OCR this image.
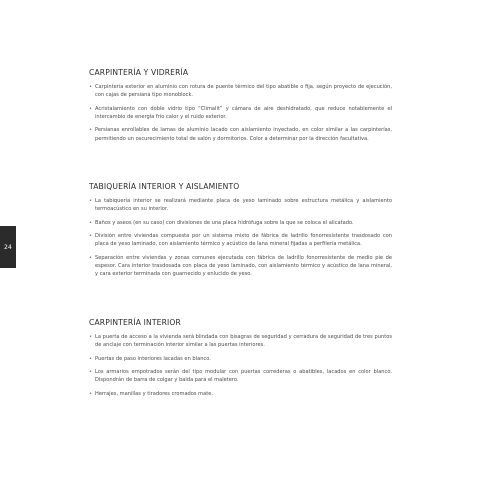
24
CARPINTERÍA Y VIDRERÍA
• Carpintería exterior en aluminio con rotura de puente térmico del tipo abatible o fija, según proyecto de ejecución, con cajas de persiana tipo monoblock.
• Acristalamiento con doble vidrio tipo “Climalit” y cámara de aire deshidratado, que reduce notablemente el intercambio de energía frío calor y el ruido exterior.
• Persianas enrollables de lamas de aluminio lacado con aislamiento inyectado, en color similar a las carpinterías, permitiendo un oscurecimiento total de salón y dormitorios. Color a determinar por la dirección facultativa.
TABIQUERÍA INTERIOR Y AISLAMIENTO
• La tabiquería interior se realizará mediante placa de yeso laminado sobre estructura metálica y aislamiento termoacústico en su interior.
• Baños y aseos (en su caso) con divisiones de una placa hidrófuga sobre la que se coloca el alicatado.
• División entre viviendas compuesta por un sistema mixto de fábrica de ladrillo fonorresistente trasdosado con placa de yeso laminado, con aislamiento térmico y acústico de lana mineral fijadas a perfilería metálica.
• Separación entre viviendas y zonas comunes ejecutada con fábrica de ladrillo fonorresistente de medio pie de espesor. Cara interior trasdosada con placa de yeso laminado, con aislamiento térmico y acústico de lana mineral, y cara exterior terminada con guarnecido y enlucido de yeso.
CARPINTERÍA INTERIOR
• La puerta de acceso a la vivienda será blindada con bisagras de seguridad y cerradura de seguridad de tres puntos de anclaje con terminación interior similar a las puertas interiores.
• Puertas de paso interiores lacadas en blanco.
• Los armarios empotrados serán del tipo modular con puertas correderas o abatibles, lacados en color blanco. Dispondrán de barra de colgar y balda para el maletero.
• Herrajes, manillas y tiradores cromados mate.
